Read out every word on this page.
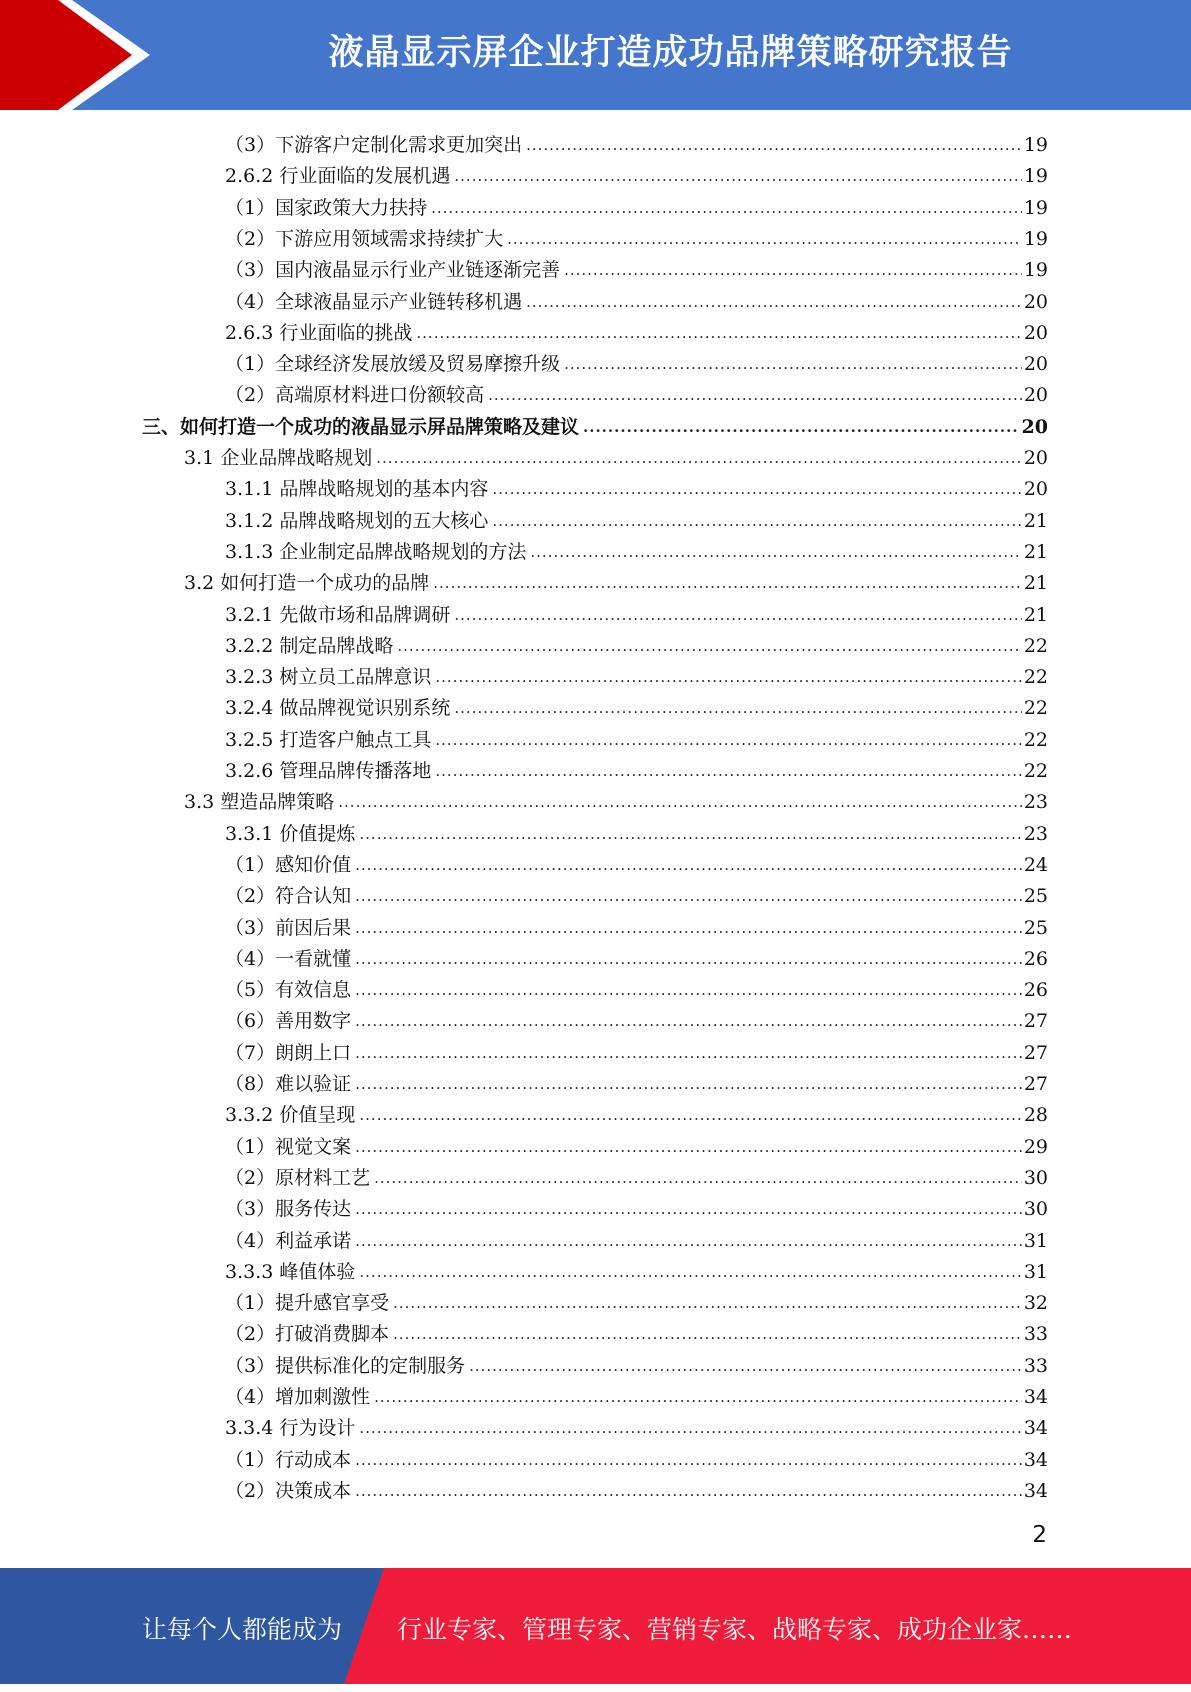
液晶显示屏企业打造成功品牌策略研究报告
（3）下游客户定制化需求更加突出 .....	19
2.6.2 行业面临的发展机遇 .....	19
（1）国家政策大力扶持 .....	19
（2）下游应用领域需求持续扩大 .....	19
（3）国内液晶显示行业产业链逐渐完善 .....	19
（4）全球液晶显示产业链转移机遇 .....	20
2.6.3 行业面临的挑战 .....	20
（1）全球经济发展放缓及贸易摩擦升级 .....	20
（2）高端原材料进口份额较高 .....	20
三、如何打造一个成功的液晶显示屏品牌策略及建议 .....	20
3.1 企业品牌战略规划 .....	20
3.1.1 品牌战略规划的基本内容 .....	20
3.1.2 品牌战略规划的五大核心 .....	21
3.1.3 企业制定品牌战略规划的方法 .....	21
3.2 如何打造一个成功的品牌 .....	21
3.2.1 先做市场和品牌调研 .....	21
3.2.2 制定品牌战略 .....	22
3.2.3 树立员工品牌意识 .....	22
3.2.4 做品牌视觉识别系统 .....	22
3.2.5 打造客户触点工具 .....	22
3.2.6 管理品牌传播落地 .....	22
3.3 塑造品牌策略 .....	23
3.3.1 价值提炼 .....	23
（1）感知价值 .....	24
（2）符合认知 .....	25
（3）前因后果 .....	25
（4）一看就懂 .....	26
（5）有效信息 .....	26
（6）善用数字 .....	27
（7）朗朗上口 .....	27
（8）难以验证 .....	27
3.3.2 价值呈现 .....	28
（1）视觉文案 .....	29
（2）原材料工艺 .....	30
（3）服务传达 .....	30
（4）利益承诺 .....	31
3.3.3 峰值体验 .....	31
（1）提升感官享受 .....	32
（2）打破消费脚本 .....	33
（3）提供标准化的定制服务 .....	33
（4）增加刺激性 .....	34
3.3.4 行为设计 .....	34
（1）行动成本 .....	34
（2）决策成本 .....	34
2
让每个人都能成为 行业专家、管理专家、营销专家、战略专家、成功企业家……
